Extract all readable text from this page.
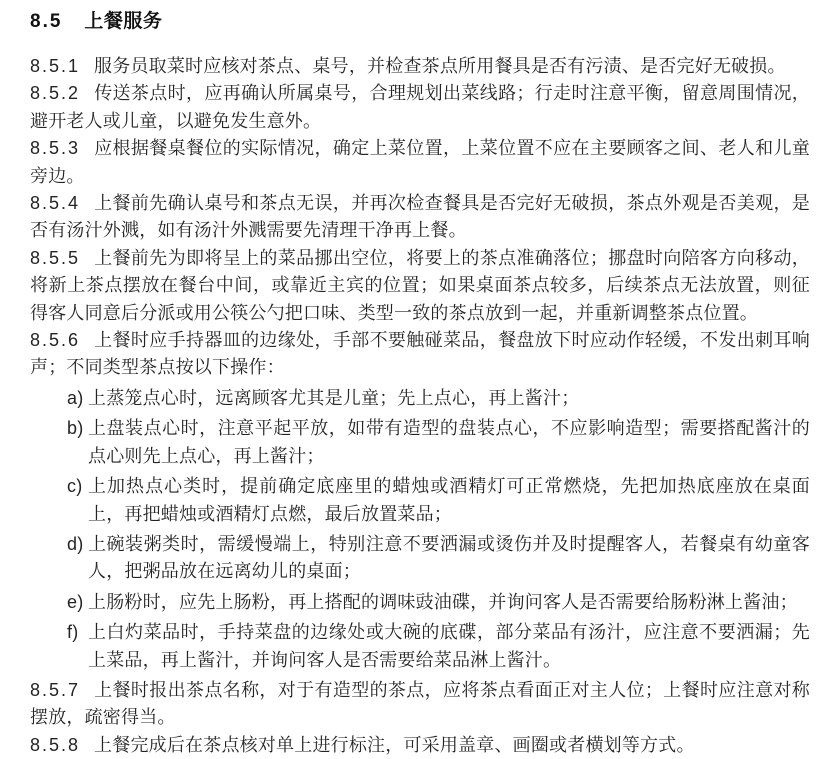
8.5 上餐服务

8.5.1 服务员取菜时应核对茶点、桌号，并检查茶点所用餐具是否有污渍、是否完好无破损。

8.5.2 传送茶点时，应再确认所属桌号，合理规划出菜线路；行走时注意平衡，留意周围情况，避开老人或儿童，以避免发生意外。

8.5.3 应根据餐桌餐位的实际情况，确定上菜位置，上菜位置不应在主要顾客之间、老人和儿童旁边。

8.5.4 上餐前先确认桌号和茶点无误，并再次检查餐具是否完好无破损，茶点外观是否美观，是否有汤汁外溅，如有汤汁外溅需要先清理干净再上餐。

8.5.5 上餐前先为即将呈上的菜品挪出空位，将要上的茶点准确落位；挪盘时向陪客方向移动，将新上茶点摆放在餐台中间，或靠近主宾的位置；如果桌面茶点较多，后续茶点无法放置，则征得客人同意后分派或用公筷公勺把口味、类型一致的茶点放到一起，并重新调整茶点位置。

8.5.6 上餐时应手持器皿的边缘处，手部不要触碰菜品，餐盘放下时应动作轻缓，不发出刺耳响声；不同类型茶点按以下操作：

a) 上蒸笼点心时，远离顾客尤其是儿童；先上点心，再上酱汁；
b) 上盘装点心时，注意平起平放，如带有造型的盘装点心，不应影响造型；需要搭配酱汁的点心则先上点心，再上酱汁；
c) 上加热点心类时，提前确定底座里的蜡烛或酒精灯可正常燃烧，先把加热底座放在桌面上，再把蜡烛或酒精灯点燃，最后放置菜品；
d) 上碗装粥类时，需缓慢端上，特别注意不要洒漏或烫伤并及时提醒客人，若餐桌有幼童客人，把粥品放在远离幼儿的桌面；
e) 上肠粉时，应先上肠粉，再上搭配的调味豉油碟，并询问客人是否需要给肠粉淋上酱油；
f) 上白灼菜品时，手持菜盘的边缘处或大碗的底碟，部分菜品有汤汁，应注意不要洒漏；先上菜品，再上酱汁，并询问客人是否需要给菜品淋上酱汁。

8.5.7 上餐时报出茶点名称，对于有造型的茶点，应将茶点看面正对主人位；上餐时应注意对称摆放，疏密得当。

8.5.8 上餐完成后在茶点核对单上进行标注，可采用盖章、画圈或者横划等方式。
